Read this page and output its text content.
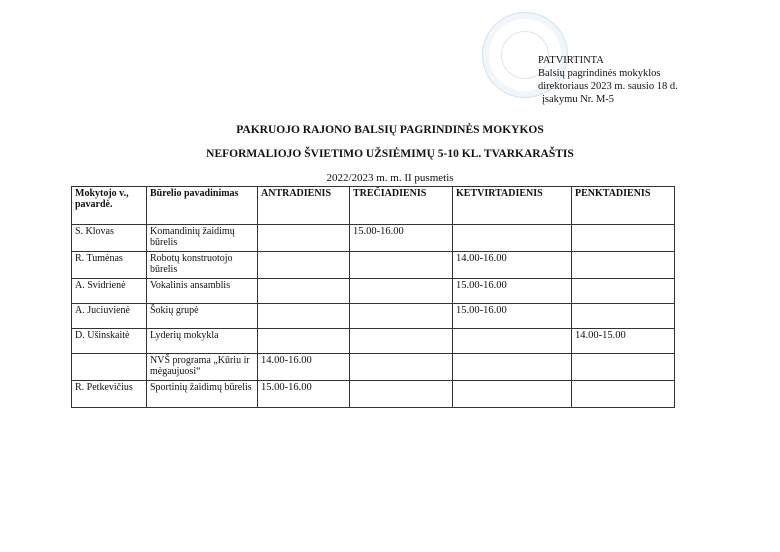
PATVIRTINTA
Balsių pagrindinės mokyklos
direktoriaus 2023 m. sausio 18 d.
įsakymu Nr. M-5
PAKRUOJO RAJONO BALSIŲ PAGRINDINĖS MOKYKOS
NEFORMALIOJO ŠVIETIMO UŽSIĖMIMŲ 5-10 KL. TVARKARAŠTIS
2022/2023 m. m. II pusmetis
Mokytojo v., pavardė.	Būrelio pavadinimas	ANTRADIENIS	TREČIADIENIS	KETVIRTADIENIS	PENKTADIENIS
S. Klovas	Komandinių žaidimų būrelis		15.00-16.00		
R. Tumėnas	Robotų konstruotojo būrelis			14.00-16.00	
A. Svidrienė	Vokalinis ansamblis			15.00-16.00	
A. Juciuvienė	Šokių grupė			15.00-16.00	
D. Ušinskaitė	Lyderių mokykla				14.00-15.00
	NVŠ programa „Kūriu ir mėgaujuosi“	14.00-16.00			
R. Petkevičius	Sportinių žaidimų būrelis	15.00-16.00			
